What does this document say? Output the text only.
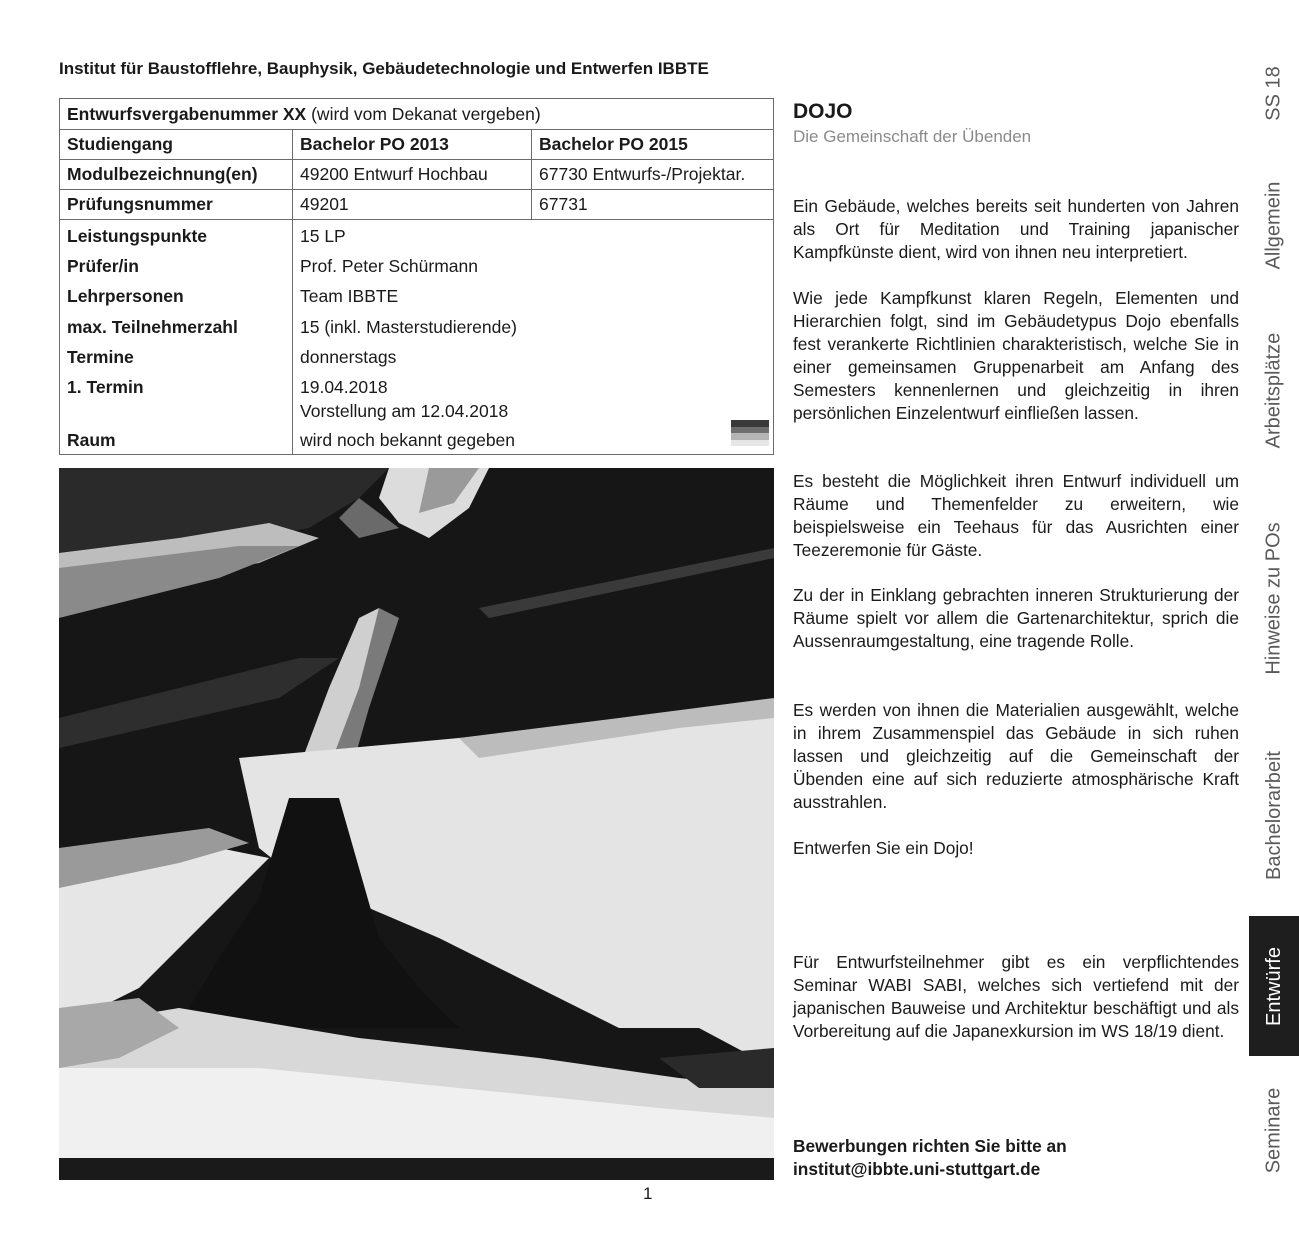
Institut für Baustofflehre, Bauphysik, Gebäudetechnologie und Entwerfen IBBTE
Entwurfsvergabenummer XX
(wird vom Dekanat vergeben)
Studiengang	Bachelor PO 2013	Bachelor PO 2015
Modulbezeichnung(en)	49200 Entwurf Hochbau	67730 Entwurfs-/Projektar.
Prüfungsnummer	49201	67731
Leistungspunkte	15 LP
Prüfer/in	Prof. Peter Schürmann
Lehrpersonen	Team IBBTE
max. Teilnehmerzahl	15 (inkl. Masterstudierende)
Termine	donnerstags
1. Termin	19.04.2018
Vorstellung am 12.04.2018
Raum	wird noch bekannt gegeben
DOJO
Die Gemeinschaft der Übenden
Ein Gebäude, welches bereits seit hunderten von Jahren als Ort für Meditation und Training japanischer Kampfkünste dient, wird von ihnen neu interpretiert.
Wie jede Kampfkunst klaren Regeln, Elementen und Hierarchien folgt, sind im Gebäudetypus Dojo ebenfalls fest verankerte Richtlinien charakteristisch, welche Sie in einer gemeinsamen Gruppenarbeit am Anfang des Semesters kennenlernen und gleichzeitig in ihren persönlichen Einzelentwurf einfließen lassen.
Es besteht die Möglichkeit ihren Entwurf individuell um Räume und Themenfelder zu erweitern, wie beispielsweise ein Teehaus für das Ausrichten einer Teezeremonie für Gäste.
Zu der in Einklang gebrachten inneren Strukturierung der Räume spielt vor allem die Gartenarchitektur, sprich die Aussenraumgestaltung, eine tragende Rolle.
Es werden von ihnen die Materialien ausgewählt, welche in ihrem Zusammenspiel das Gebäude in sich ruhen lassen und gleichzeitig auf die Gemeinschaft der Übenden eine auf sich reduzierte atmosphärische Kraft ausstrahlen.
Entwerfen Sie ein Dojo!
Für Entwurfsteilnehmer gibt es ein verpflichtendes Seminar WABI SABI, welches sich vertiefend mit der japanischen Bauweise und Architektur beschäftigt und als Vorbereitung auf die Japanexkursion im WS 18/19 dient.
Bewerbungen richten Sie bitte an
institut@ibbte.uni-stuttgart.de
1
SS 18
Allgemein
Arbeitsplätze
Hinweise zu POs
Bachelorarbeit
Entwürfe
Seminare
